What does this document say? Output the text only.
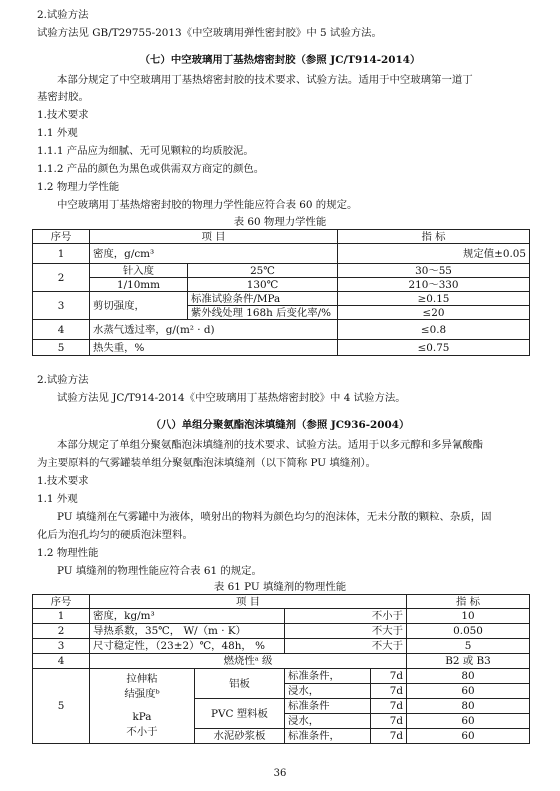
2.试验方法
试验方法见 GB/T29755-2013《中空玻璃用弹性密封胶》中 5 试验方法。
（七）中空玻璃用丁基热熔密封胶（参照 JC/T914-2014）
本部分规定了中空玻璃用丁基热熔密封胶的技术要求、试验方法。适用于中空玻璃第一道丁
基密封胶。
1.技术要求
1.1 外观
1.1.1 产品应为细腻、无可见颗粒的均质胶泥。
1.1.2 产品的颜色为黑色或供需双方商定的颜色。
1.2 物理力学性能
中空玻璃用丁基热熔密封胶的物理力学性能应符合表 60 的规定。
表 60 物理力学性能
序号	项 目		指 标
1	密度，g/cm³		规定值±0.05
2	针入度	25℃	30～55
	1/10mm	130℃	210～330
3	剪切强度，	标准试验条件/MPa	≥0.15
		紫外线处理 168h 后变化率/%	≤20
4	水蒸气透过率，g/(m² · d)		≤0.8
5	热失重，%		≤0.75
2.试验方法
试验方法见 JC/T914-2014《中空玻璃用丁基热熔密封胶》中 4 试验方法。
（八）单组分聚氨酯泡沫填缝剂（参照 JC936-2004）
本部分规定了单组分聚氨酯泡沫填缝剂的技术要求、试验方法。适用于以多元醇和多异氰酸酯
为主要原料的气雾罐装单组分聚氨酯泡沫填缝剂（以下简称 PU 填缝剂）。
1.技术要求
1.1 外观
PU 填缝剂在气雾罐中为液体，喷射出的物料为颜色均匀的泡沫体，无未分散的颗粒、杂质，固
化后为泡孔均匀的硬质泡沫塑料。
1.2 物理性能
PU 填缝剂的物理性能应符合表 61 的规定。
表 61 PU 填缝剂的物理性能
序号	项 目				指 标
1	密度，kg/m³		不小于		10
2	导热系数，35℃， W/（m · K）		不大于		0.050
3	尺寸稳定性，（23±2）℃，48h， %		不大于		5
4	燃烧性ᵃ 级				B2 或 B3
5	拉伸粘
结强度ᵇ
kPa
不小于	铝板	标准条件，	7d	80
			浸水，	7d	60
		PVC 塑料板	标准条件	7d	80
			浸水，	7d	60
		水泥砂浆板	标准条件，	7d	60
36
